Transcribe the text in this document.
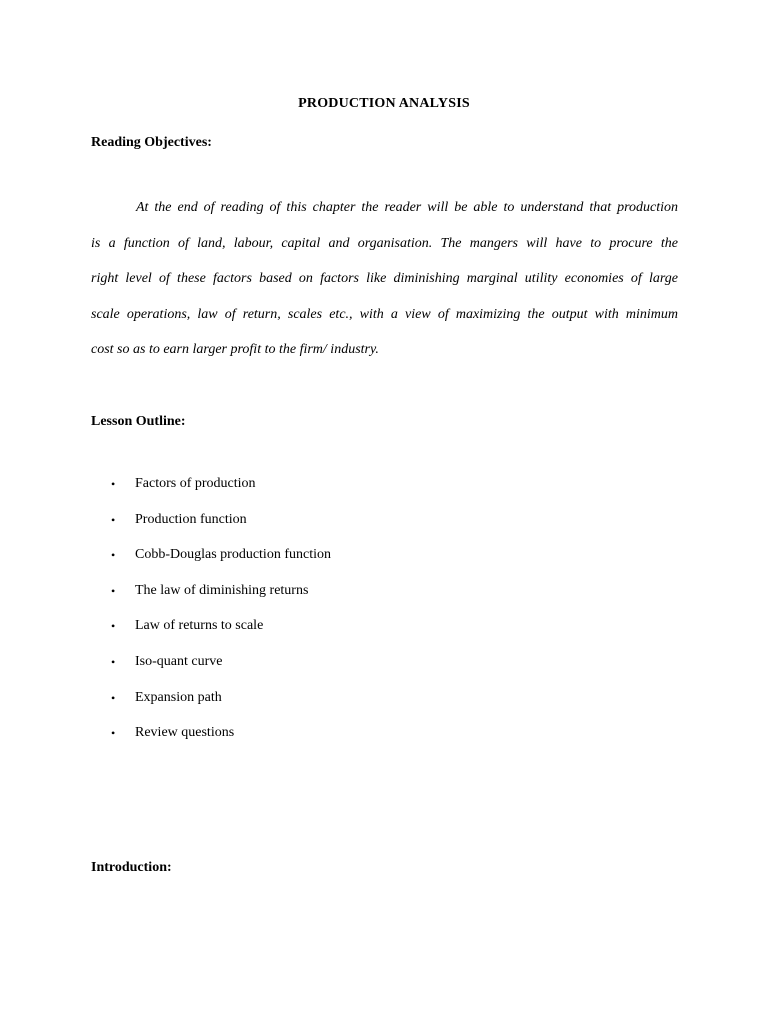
PRODUCTION ANALYSIS
Reading Objectives:
At the end of reading of this chapter the reader will be able to understand that production
is a function of land, labour, capital and organisation. The mangers will have to procure the
right level of these factors based on factors like diminishing marginal utility economies of large
scale operations, law of return, scales etc., with a view of maximizing the output with minimum
cost so as to earn larger profit to the firm/ industry.
Lesson Outline:
• Factors of production
• Production function
• Cobb-Douglas production function
• The law of diminishing returns
• Law of returns to scale
• Iso-quant curve
• Expansion path
• Review questions
Introduction:
